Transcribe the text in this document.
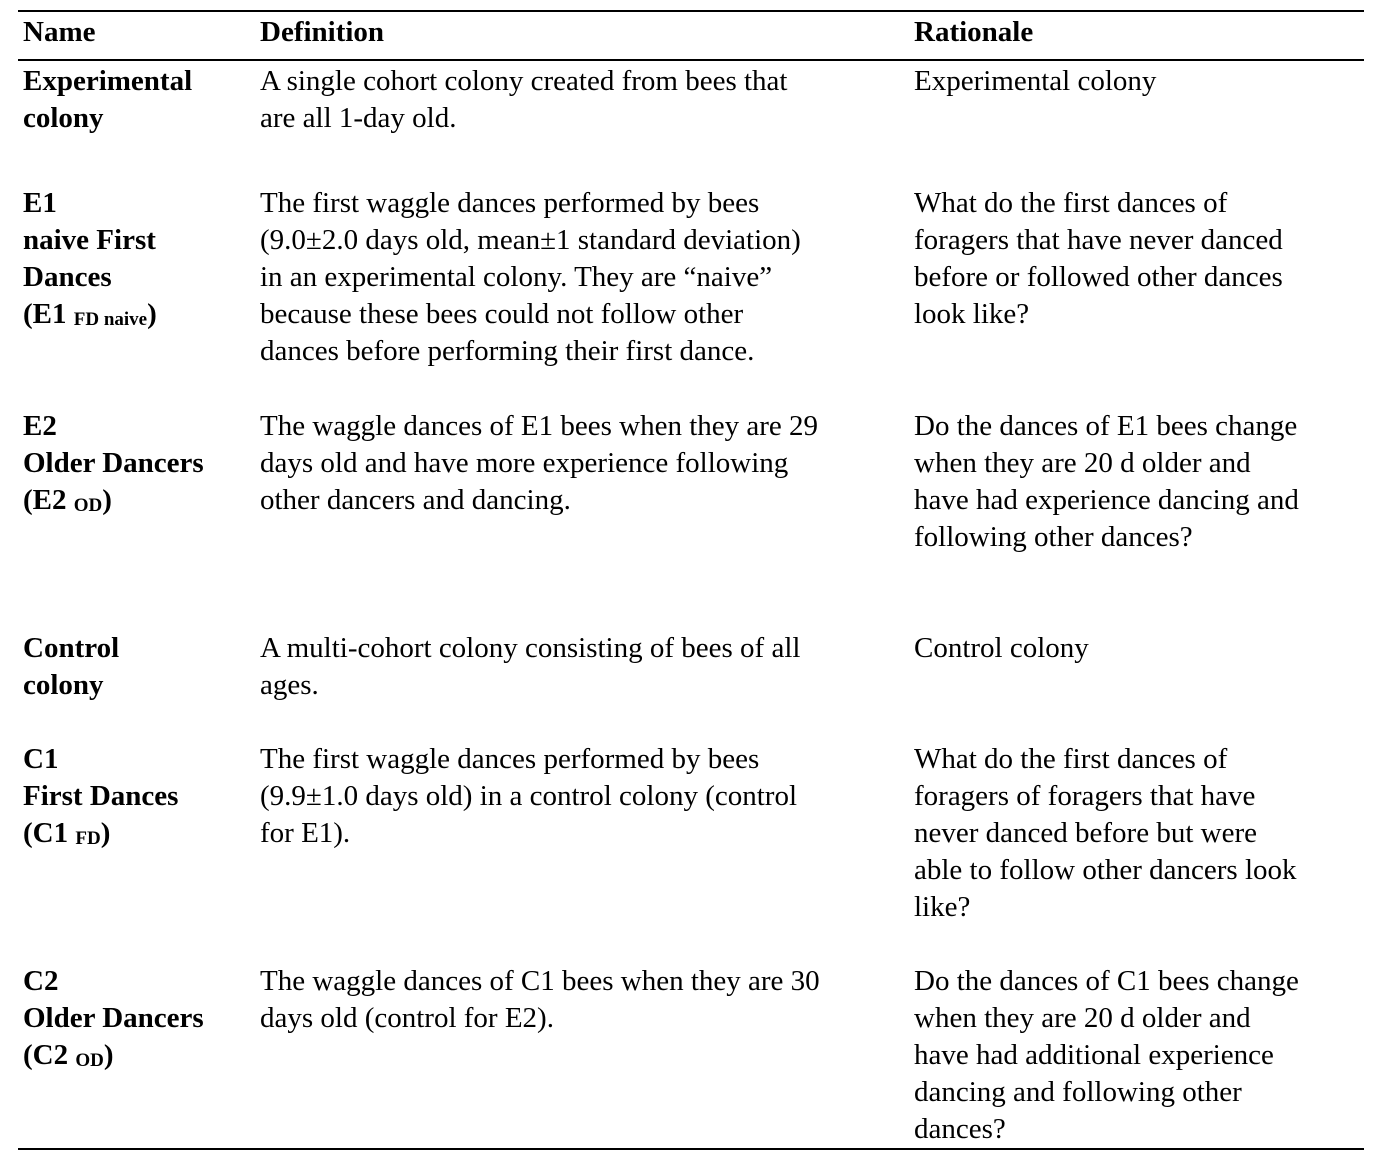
Name	Definition	Rationale
Experimental
colony
A single cohort colony created from bees that
are all 1-day old.
Experimental colony
E1
naive First
Dances
(E1 FD naive)
The first waggle dances performed by bees
(9.0±2.0 days old, mean±1 standard deviation)
in an experimental colony. They are “naive”
because these bees could not follow other
dances before performing their first dance.
What do the first dances of
foragers that have never danced
before or followed other dances
look like?
E2
Older Dancers
(E2 OD)
The waggle dances of E1 bees when they are 29
days old and have more experience following
other dancers and dancing.
Do the dances of E1 bees change
when they are 20 d older and
have had experience dancing and
following other dances?
Control
colony
A multi-cohort colony consisting of bees of all
ages.
Control colony
C1
First Dances
(C1 FD)
The first waggle dances performed by bees
(9.9±1.0 days old) in a control colony (control
for E1).
What do the first dances of
foragers of foragers that have
never danced before but were
able to follow other dancers look
like?
C2
Older Dancers
(C2 OD)
The waggle dances of C1 bees when they are 30
days old (control for E2).
Do the dances of C1 bees change
when they are 20 d older and
have had additional experience
dancing and following other
dances?
